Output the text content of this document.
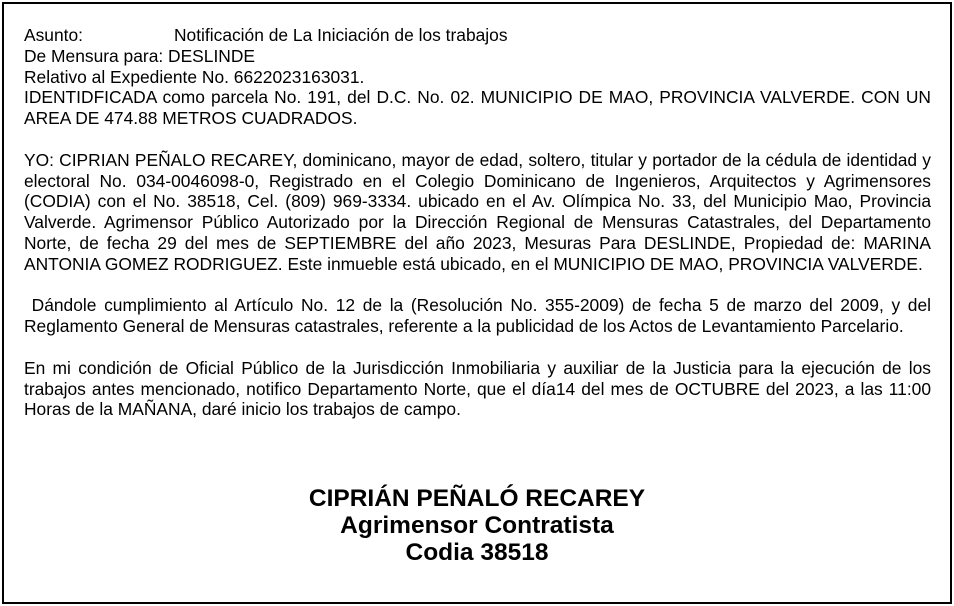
Asunto:	Notificación de La Iniciación de los trabajos
De Mensura para: DESLINDE
Relativo al Expediente No. 6622023163031.

IDENTIDFICADA como parcela No. 191, del D.C. No. 02. MUNICIPIO DE MAO, PROVINCIA VALVERDE. CON UN AREA DE 474.88 METROS CUADRADOS.

YO: CIPRIAN PEÑALO RECAREY, dominicano, mayor de edad, soltero, titular y portador de la cédula de identidad y electoral No. 034-0046098-0, Registrado en el Colegio Dominicano de Ingenieros, Arquitectos y Agrimensores (CODIA) con el No. 38518, Cel. (809) 969-3334. ubicado en el Av. Olímpica No. 33, del Municipio Mao, Provincia Valverde. Agrimensor Público Autorizado por la Dirección Regional de Mensuras Catastrales, del Departamento Norte, de fecha 29 del mes de SEPTIEMBRE del año 2023, Mesuras Para DESLINDE, Propiedad de: MARINA ANTONIA GOMEZ RODRIGUEZ. Este inmueble está ubicado, en el MUNICIPIO DE MAO, PROVINCIA VALVERDE.

Dándole cumplimiento al Artículo No. 12 de la (Resolución No. 355-2009) de fecha 5 de marzo del 2009, y del Reglamento General de Mensuras catastrales, referente a la publicidad de los Actos de Levantamiento Parcelario.

En mi condición de Oficial Público de la Jurisdicción Inmobiliaria y auxiliar de la Justicia para la ejecución de los trabajos antes mencionado, notifico Departamento Norte, que el día14 del mes de OCTUBRE del 2023, a las 11:00 Horas de la MAÑANA, daré inicio los trabajos de campo.

CIPRIÁN PEÑALÓ RECAREY
Agrimensor Contratista
Codia 38518
